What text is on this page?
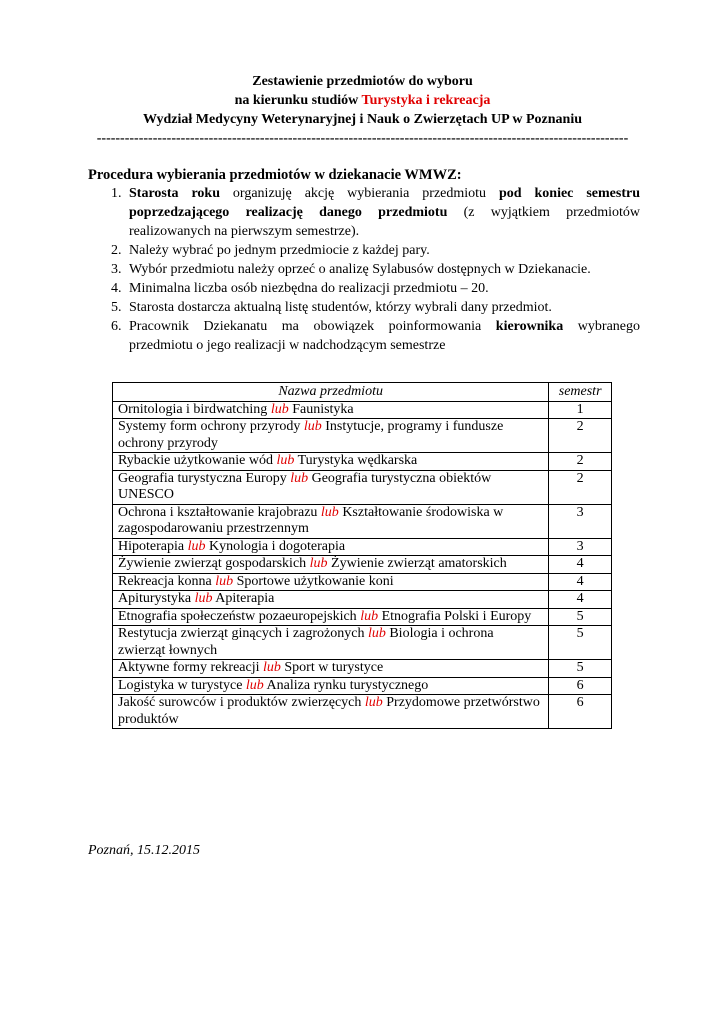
Zestawienie przedmiotów do wyboru
na kierunku studiów Turystyka i rekreacja
Wydział Medycyny Weterynaryjnej i Nauk o Zwierzętach UP w Poznaniu
------------------------------------------------------------------------------------------------------------------
Procedura wybierania przedmiotów w dziekanacie WMWZ:
1. Starosta roku organizuję akcję wybierania przedmiotu pod koniec semestru poprzedzającego realizację danego przedmiotu (z wyjątkiem przedmiotów realizowanych na pierwszym semestrze).
2. Należy wybrać po jednym przedmiocie z każdej pary.
3. Wybór przedmiotu należy oprzeć o analizę Sylabusów dostępnych w Dziekanacie.
4. Minimalna liczba osób niezbędna do realizacji przedmiotu – 20.
5. Starosta dostarcza aktualną listę studentów, którzy wybrali dany przedmiot.
6. Pracownik Dziekanatu ma obowiązek poinformowania kierownika wybranego przedmiotu o jego realizacji w nadchodzącym semestrze
Nazwa przedmiotu	semestr
Ornitologia i birdwatching lub Faunistyka	1
Systemy form ochrony przyrody lub Instytucje, programy i fundusze ochrony przyrody	2
Rybackie użytkowanie wód lub Turystyka wędkarska	2
Geografia turystyczna Europy lub Geografia turystyczna obiektów UNESCO	2
Ochrona i kształtowanie krajobrazu lub Kształtowanie środowiska w zagospodarowaniu przestrzennym	3
Hipoterapia lub Kynologia i dogoterapia	3
Żywienie zwierząt gospodarskich lub Żywienie zwierząt amatorskich	4
Rekreacja konna lub Sportowe użytkowanie koni	4
Apiturystyka lub Apiterapia	4
Etnografia społeczeństw pozaeuropejskich lub Etnografia Polski i Europy	5
Restytucja zwierząt ginących i zagrożonych lub Biologia i ochrona zwierząt łownych	5
Aktywne formy rekreacji lub Sport w turystyce	5
Logistyka w turystyce lub Analiza rynku turystycznego	6
Jakość surowców i produktów zwierzęcych lub Przydomowe przetwórstwo produktów	6
Poznań, 15.12.2015
